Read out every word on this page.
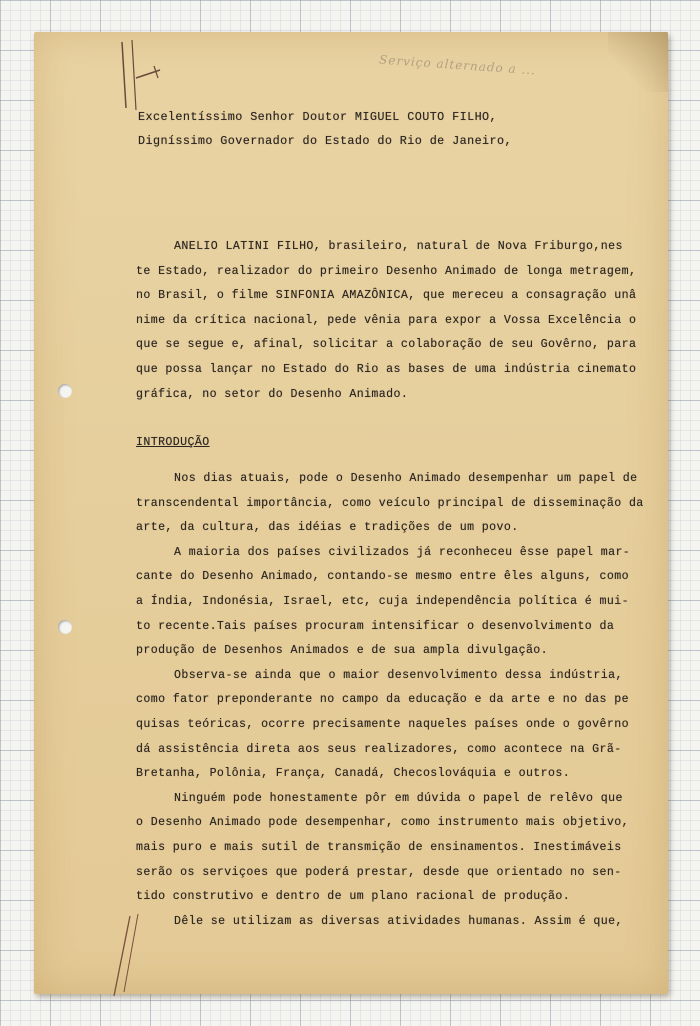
Serviço alternado a ...
Excelentíssimo Senhor Doutor MIGUEL COUTO FILHO,
Digníssimo Governador do Estado do Rio de Janeiro,
ANELIO LATINI FILHO, brasileiro, natural de Nova Friburgo,nes
te Estado, realizador do primeiro Desenho Animado de longa metragem,
no Brasil, o filme SINFONIA AMAZÔNICA, que mereceu a consagração unâ
nime da crítica nacional, pede vênia para expor a Vossa Excelência o
que se segue e, afinal, solicitar a colaboração de seu Govêrno, para
que possa lançar no Estado do Rio as bases de uma indústria cinemato
gráfica, no setor do Desenho Animado.
INTRODUÇÃO
Nos dias atuais, pode o Desenho Animado desempenhar um papel de
transcendental importância, como veículo principal de disseminação da
arte, da cultura, das idéias e tradições de um povo.
A maioria dos países civilizados já reconheceu êsse papel mar-
cante do Desenho Animado, contando-se mesmo entre êles alguns, como
a Índia, Indonésia, Israel, etc, cuja independência política é mui-
to recente.Tais países procuram intensificar o desenvolvimento da
produção de Desenhos Animados e de sua ampla divulgação.
Observa-se ainda que o maior desenvolvimento dessa indústria,
como fator preponderante no campo da educação e da arte e no das pe
quisas teóricas, ocorre precisamente naqueles países onde o govêrno
dá assistência direta aos seus realizadores, como acontece na Grã-
Bretanha, Polônia, França, Canadá, Checoslováquia e outros.
Ninguém pode honestamente pôr em dúvida o papel de relêvo que
o Desenho Animado pode desempenhar, como instrumento mais objetivo,
mais puro e mais sutil de transmição de ensinamentos. Inestimáveis
serão os serviçoes que poderá prestar, desde que orientado no sen-
tido construtivo e dentro de um plano racional de produção.
Dêle se utilizam as diversas atividades humanas. Assim é que,
